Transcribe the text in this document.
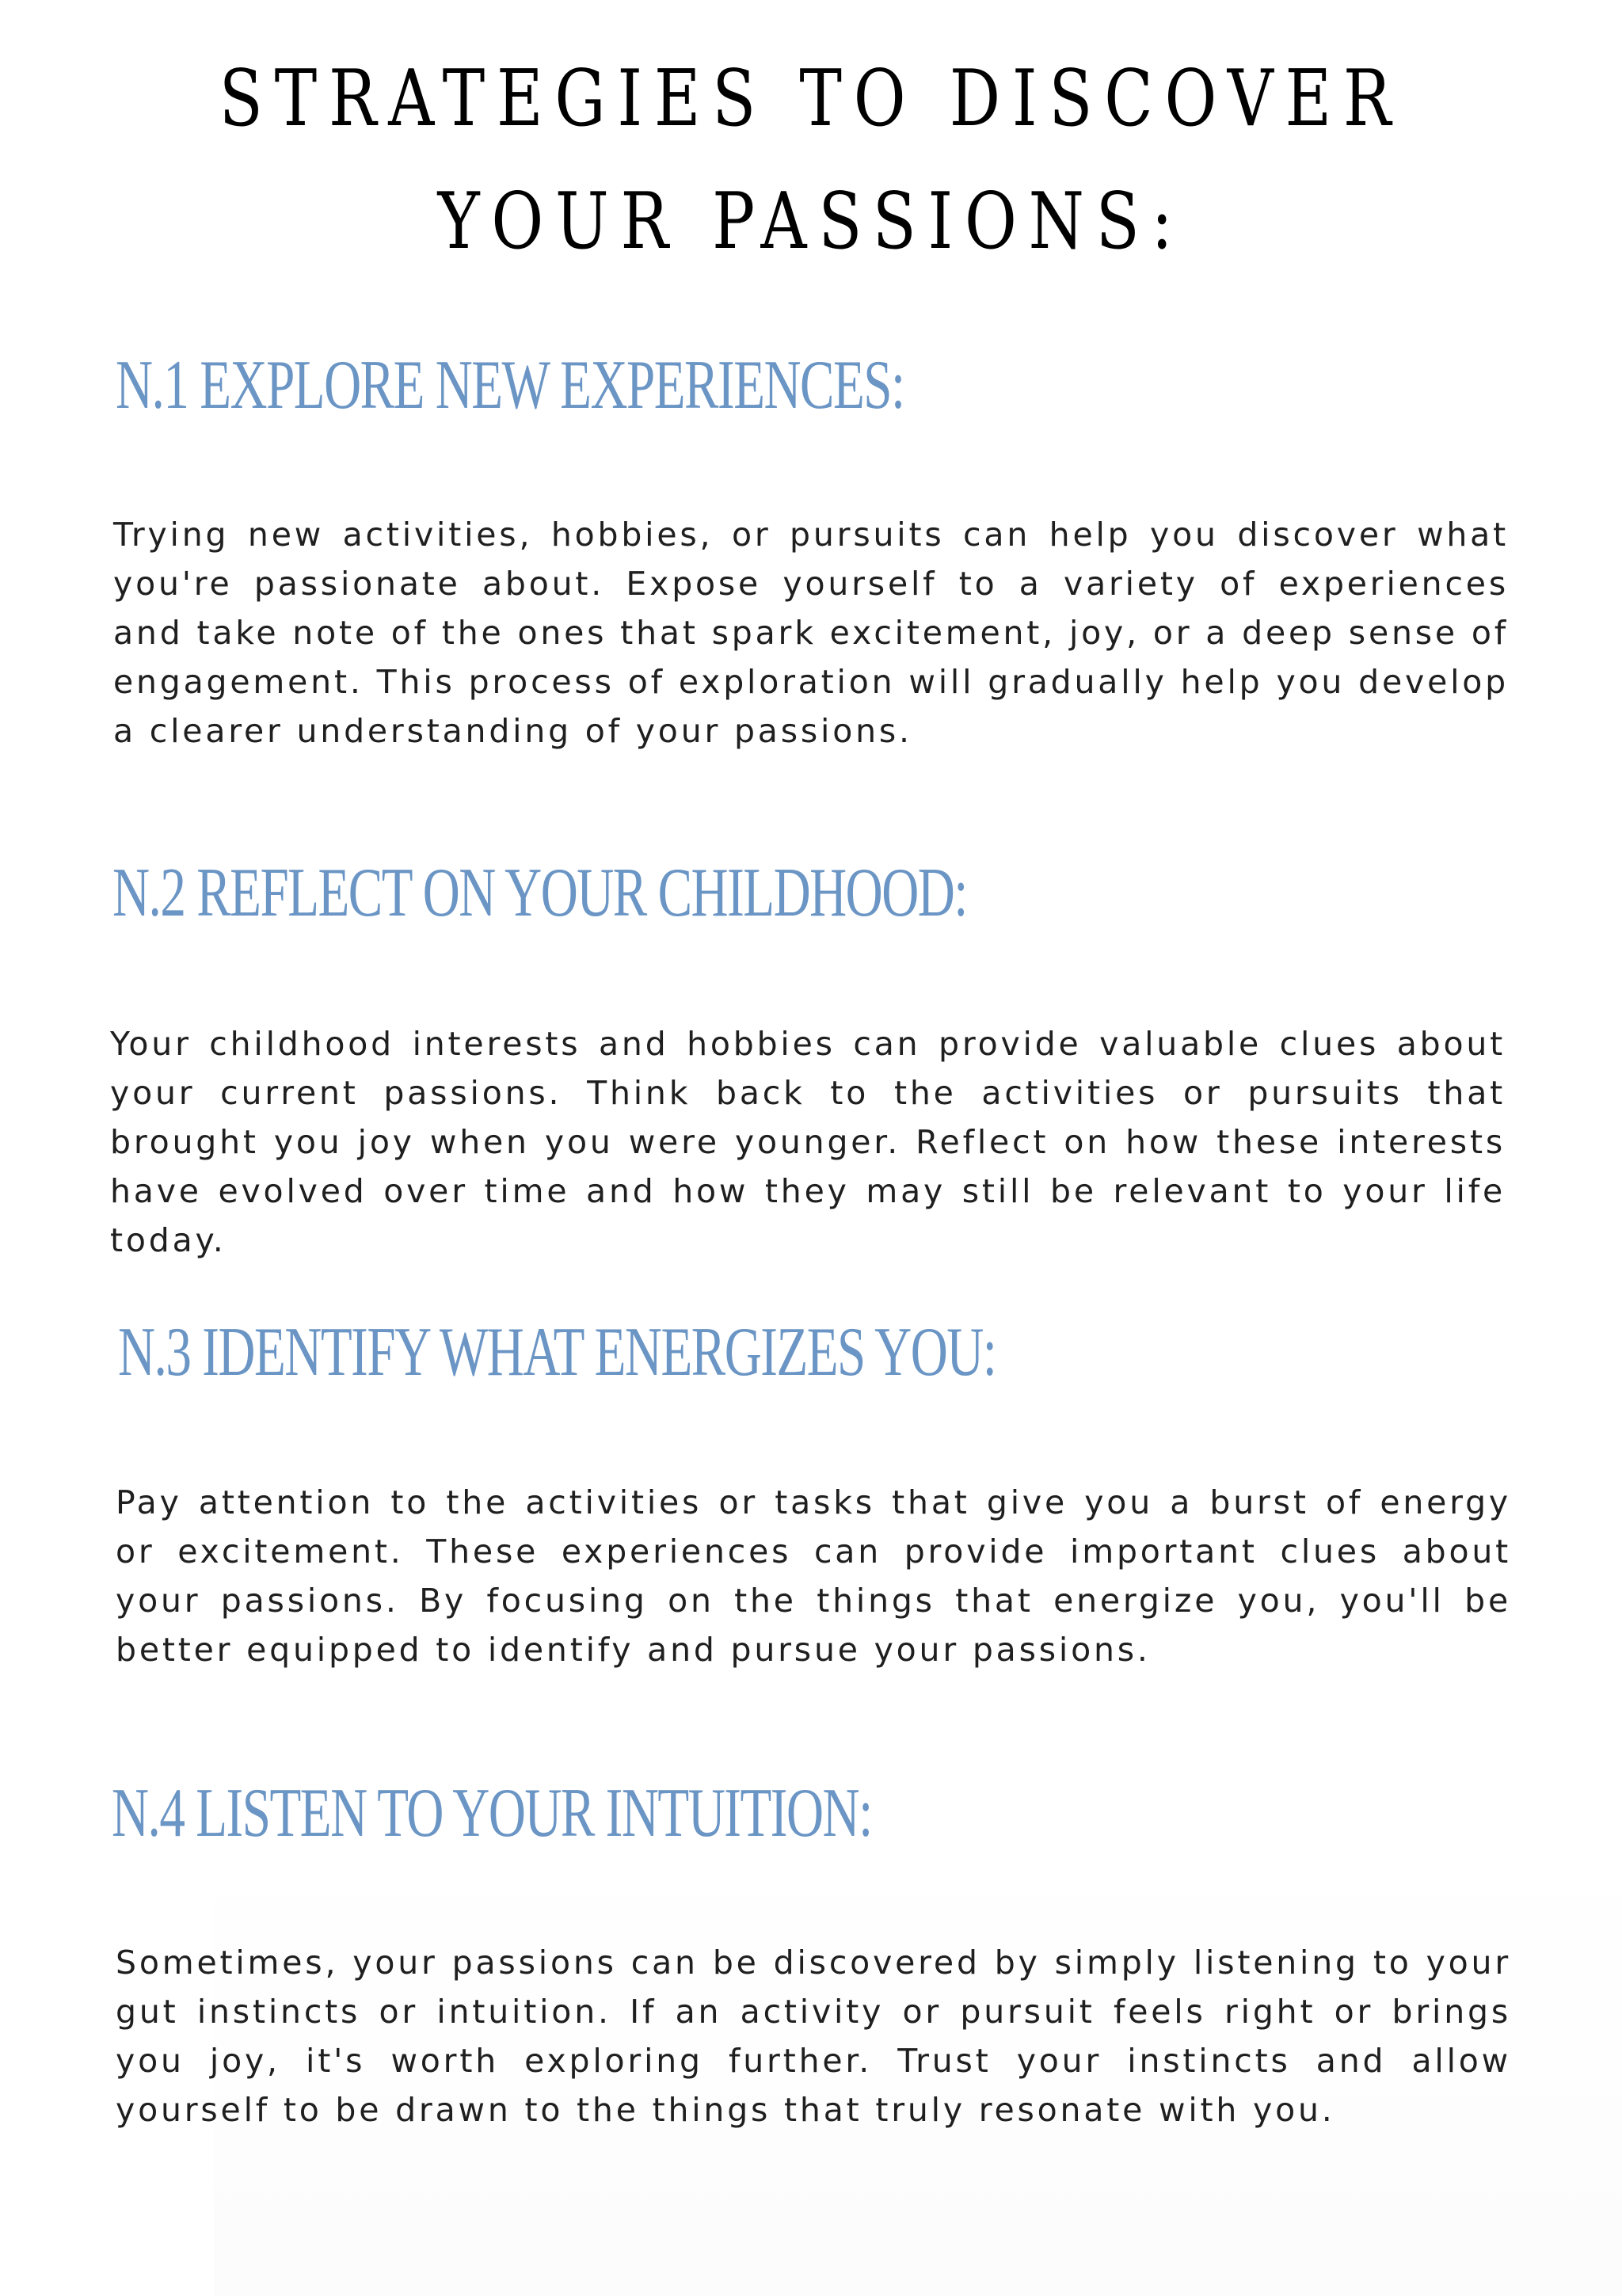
STRATEGIES TO DISCOVER YOUR PASSIONS:
N.1 EXPLORE NEW EXPERIENCES:

Trying new activities, hobbies, or pursuits can help you discover what you're passionate about. Expose yourself to a variety of experiences and take note of the ones that spark excitement, joy, or a deep sense of engagement. This process of exploration will gradually help you develop a clearer understanding of your passions.

N.2 REFLECT ON YOUR CHILDHOOD:

Your childhood interests and hobbies can provide valuable clues about your current passions. Think back to the activities or pursuits that brought you joy when you were younger. Reflect on how these interests have evolved over time and how they may still be relevant to your life today.

N.3 IDENTIFY WHAT ENERGIZES YOU:

Pay attention to the activities or tasks that give you a burst of energy or excitement. These experiences can provide important clues about your passions. By focusing on the things that energize you, you'll be better equipped to identify and pursue your passions.

N.4 LISTEN TO YOUR INTUITION:

Sometimes, your passions can be discovered by simply listening to your gut instincts or intuition. If an activity or pursuit feels right or brings you joy, it's worth exploring further. Trust your instincts and allow yourself to be drawn to the things that truly resonate with you.
